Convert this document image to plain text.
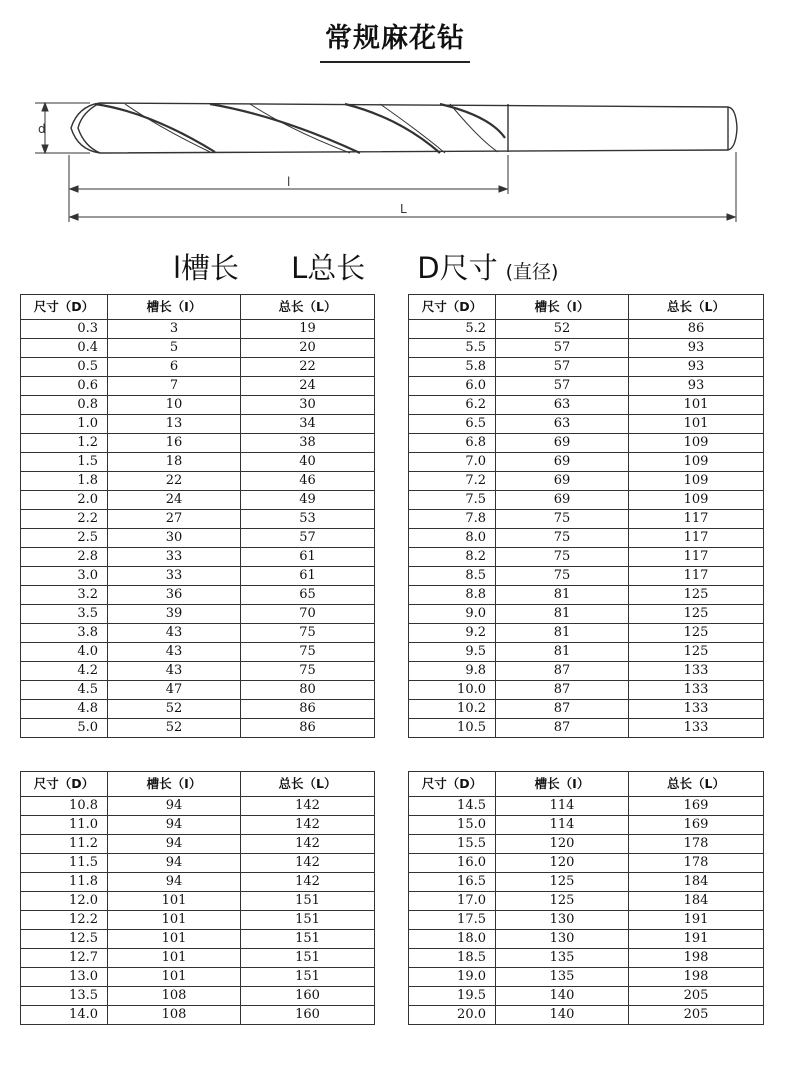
常规麻花钻
d
l
L
l槽长 L总长 D尺寸 (直径)
尺寸（D）	槽长（I）	总长（L）
0.3	3	19
0.4	5	20
0.5	6	22
0.6	7	24
0.8	10	30
1.0	13	34
1.2	16	38
1.5	18	40
1.8	22	46
2.0	24	49
2.2	27	53
2.5	30	57
2.8	33	61
3.0	33	61
3.2	36	65
3.5	39	70
3.8	43	75
4.0	43	75
4.2	43	75
4.5	47	80
4.8	52	86
5.0	52	86
尺寸（D）	槽长（I）	总长（L）
5.2	52	86
5.5	57	93
5.8	57	93
6.0	57	93
6.2	63	101
6.5	63	101
6.8	69	109
7.0	69	109
7.2	69	109
7.5	69	109
7.8	75	117
8.0	75	117
8.2	75	117
8.5	75	117
8.8	81	125
9.0	81	125
9.2	81	125
9.5	81	125
9.8	87	133
10.0	87	133
10.2	87	133
10.5	87	133
尺寸（D）	槽长（I）	总长（L）
10.8	94	142
11.0	94	142
11.2	94	142
11.5	94	142
11.8	94	142
12.0	101	151
12.2	101	151
12.5	101	151
12.7	101	151
13.0	101	151
13.5	108	160
14.0	108	160
尺寸（D）	槽长（I）	总长（L）
14.5	114	169
15.0	114	169
15.5	120	178
16.0	120	178
16.5	125	184
17.0	125	184
17.5	130	191
18.0	130	191
18.5	135	198
19.0	135	198
19.5	140	205
20.0	140	205
